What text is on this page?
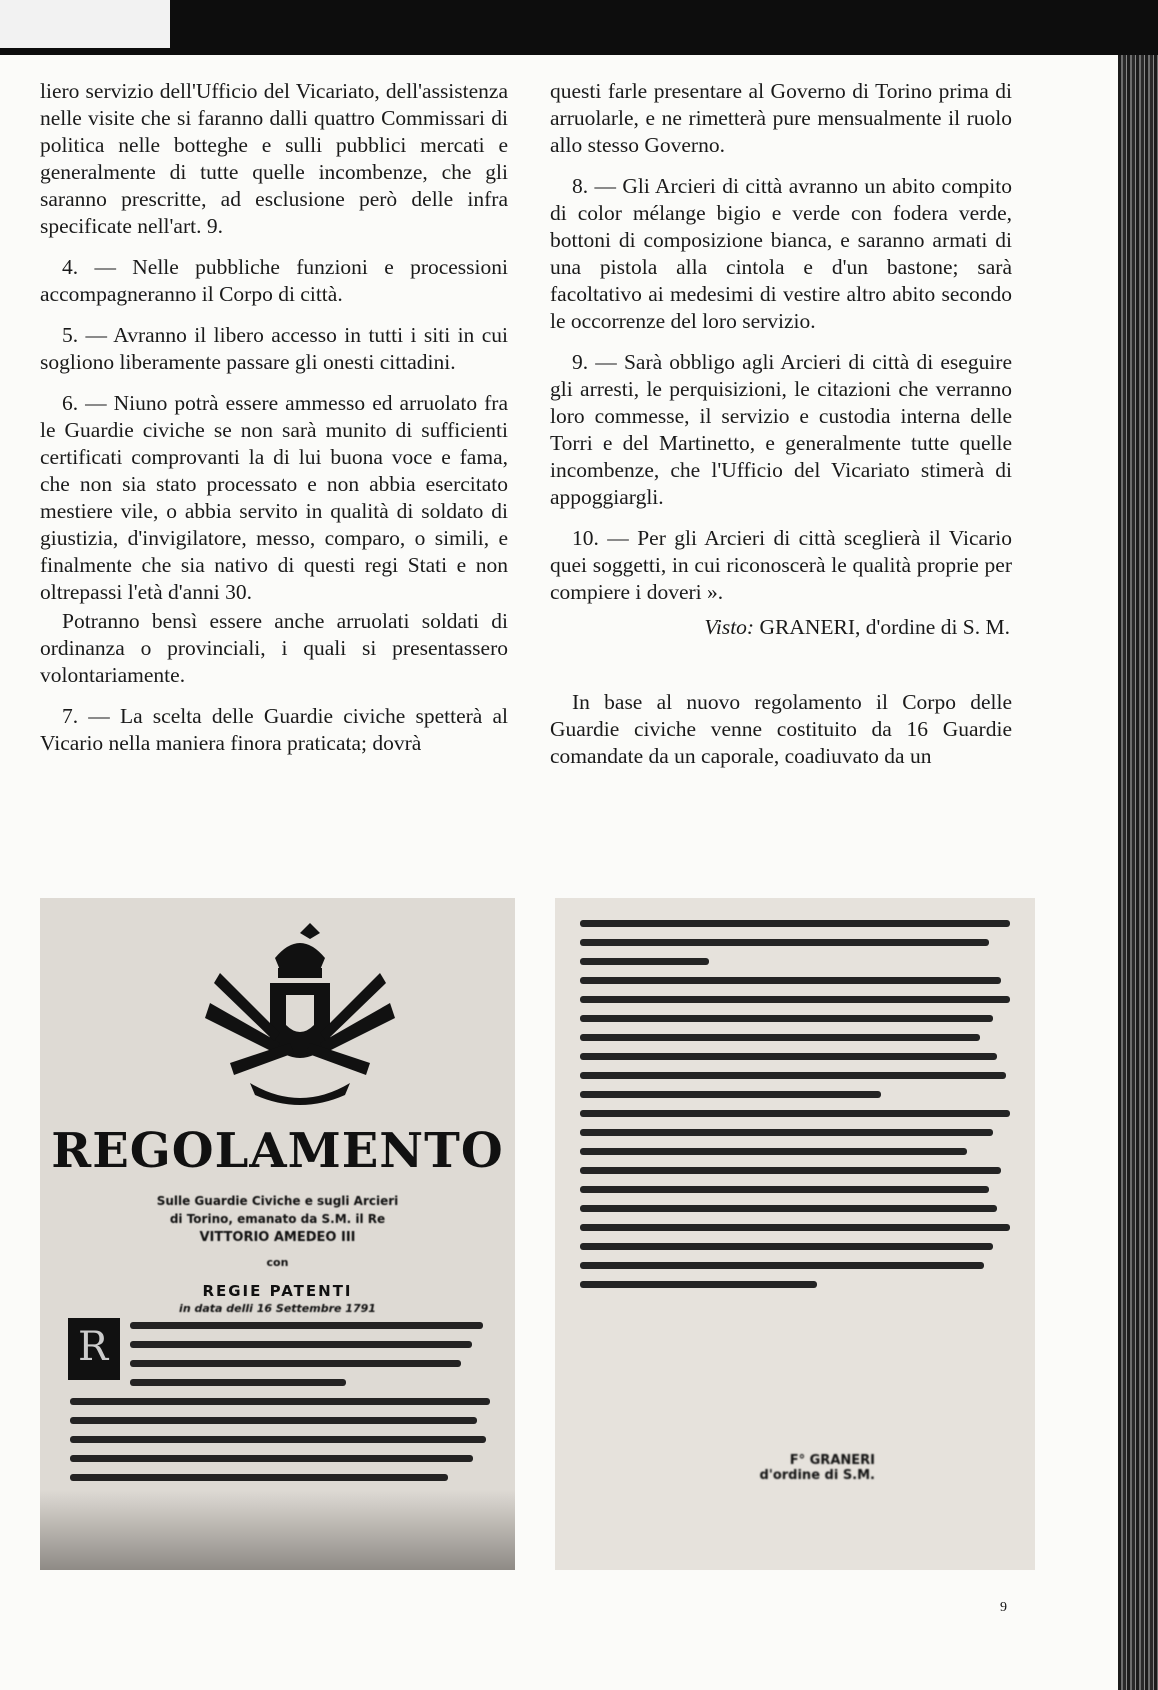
liero servizio dell'Ufficio del Vicariato, dell'assistenza nelle visite che si faranno dalli quattro Commissari di politica nelle botteghe e sulli pubblici mercati e generalmente di tutte quelle incombenze, che gli saranno prescritte, ad esclusione però delle infra specificate nell'art. 9.

4. — Nelle pubbliche funzioni e processioni accompagneranno il Corpo di città.

5. — Avranno il libero accesso in tutti i siti in cui sogliono liberamente passare gli onesti cittadini.

6. — Niuno potrà essere ammesso ed arruolato fra le Guardie civiche se non sarà munito di sufficienti certificati comprovanti la di lui buona voce e fama, che non sia stato processato e non abbia esercitato mestiere vile, o abbia servito in qualità di soldato di giustizia, d'invigilatore, messo, comparo, o simili, e finalmente che sia nativo di questi regi Stati e non oltrepassi l'età d'anni 30.

Potranno bensì essere anche arruolati soldati di ordinanza o provinciali, i quali si presentassero volontariamente.

7. — La scelta delle Guardie civiche spetterà al Vicario nella maniera finora praticata; dovrà

questi farle presentare al Governo di Torino prima di arruolarle, e ne rimetterà pure mensualmente il ruolo allo stesso Governo.

8. — Gli Arcieri di città avranno un abito compito di color mélange bigio e verde con fodera verde, bottoni di composizione bianca, e saranno armati di una pistola alla cintola e d'un bastone; sarà facoltativo ai medesimi di vestire altro abito secondo le occorrenze del loro servizio.

9. — Sarà obbligo agli Arcieri di città di eseguire gli arresti, le perquisizioni, le citazioni che verranno loro commesse, il servizio e custodia interna delle Torri e del Martinetto, e generalmente tutte quelle incombenze, che l'Ufficio del Vicariato stimerà di appoggiargli.

10. — Per gli Arcieri di città sceglierà il Vicario quei soggetti, in cui riconoscerà le qualità proprie per compiere i doveri ».

Visto: GRANERI, d'ordine di S. M.

In base al nuovo regolamento il Corpo delle Guardie civiche venne costituito da 16 Guardie comandate da un caporale, coadiuvato da un

REGOLAMENTO
Sulle Guardie Civiche e sugli Arcieri
di Torino, emanato da S.M. il Re
VITTORIO AMEDEO III
con
REGIE PATENTI
in data delli 16 Settembre 1791
R
F° GRANERI
d'ordine di S.M.
9
